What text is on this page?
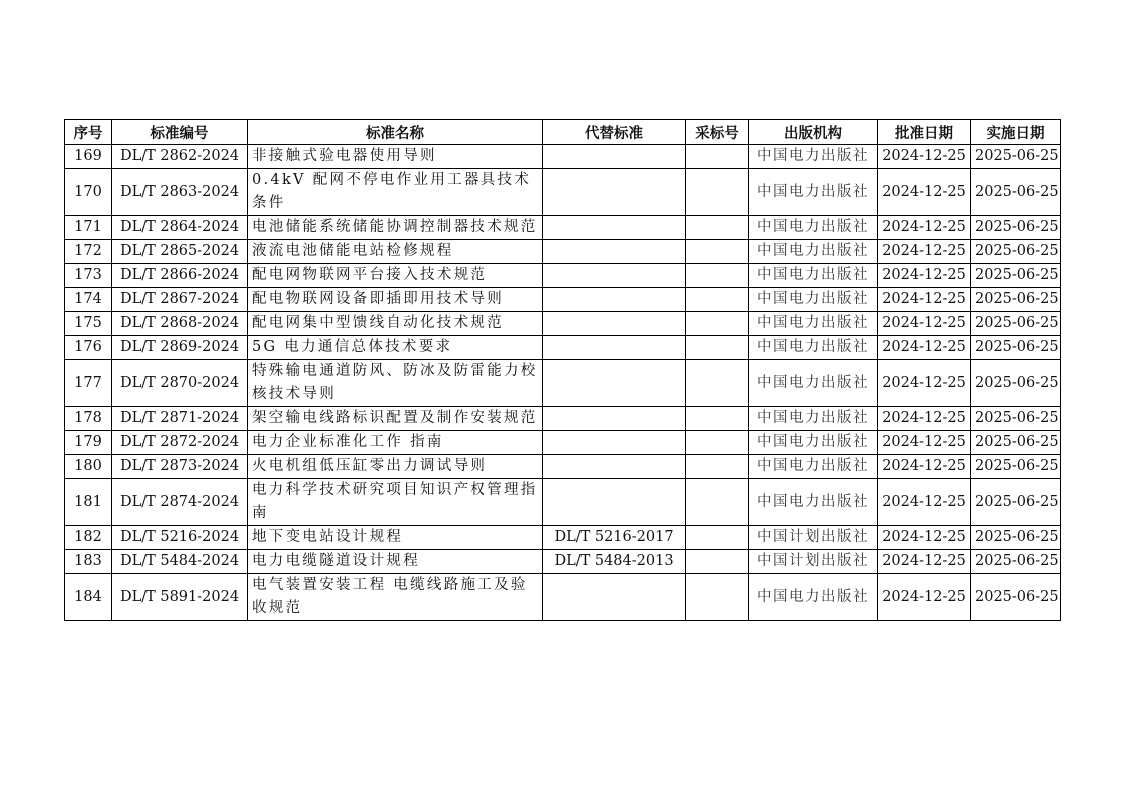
序号	标准编号	标准名称	代替标准	采标号	出版机构	批准日期	实施日期
169	DL/T 2862-2024	非接触式验电器使用导则			中国电力出版社	2024-12-25	2025-06-25
170	DL/T 2863-2024	0.4kV 配网不停电作业用工器具技术条件			中国电力出版社	2024-12-25	2025-06-25
171	DL/T 2864-2024	电池储能系统储能协调控制器技术规范			中国电力出版社	2024-12-25	2025-06-25
172	DL/T 2865-2024	液流电池储能电站检修规程			中国电力出版社	2024-12-25	2025-06-25
173	DL/T 2866-2024	配电网物联网平台接入技术规范			中国电力出版社	2024-12-25	2025-06-25
174	DL/T 2867-2024	配电物联网设备即插即用技术导则			中国电力出版社	2024-12-25	2025-06-25
175	DL/T 2868-2024	配电网集中型馈线自动化技术规范			中国电力出版社	2024-12-25	2025-06-25
176	DL/T 2869-2024	5G 电力通信总体技术要求			中国电力出版社	2024-12-25	2025-06-25
177	DL/T 2870-2024	特殊输电通道防风、防冰及防雷能力校核技术导则			中国电力出版社	2024-12-25	2025-06-25
178	DL/T 2871-2024	架空输电线路标识配置及制作安装规范			中国电力出版社	2024-12-25	2025-06-25
179	DL/T 2872-2024	电力企业标准化工作 指南			中国电力出版社	2024-12-25	2025-06-25
180	DL/T 2873-2024	火电机组低压缸零出力调试导则			中国电力出版社	2024-12-25	2025-06-25
181	DL/T 2874-2024	电力科学技术研究项目知识产权管理指南			中国电力出版社	2024-12-25	2025-06-25
182	DL/T 5216-2024	地下变电站设计规程	DL/T 5216-2017		中国计划出版社	2024-12-25	2025-06-25
183	DL/T 5484-2024	电力电缆隧道设计规程	DL/T 5484-2013		中国计划出版社	2024-12-25	2025-06-25
184	DL/T 5891-2024	电气装置安装工程 电缆线路施工及验收规范			中国电力出版社	2024-12-25	2025-06-25
